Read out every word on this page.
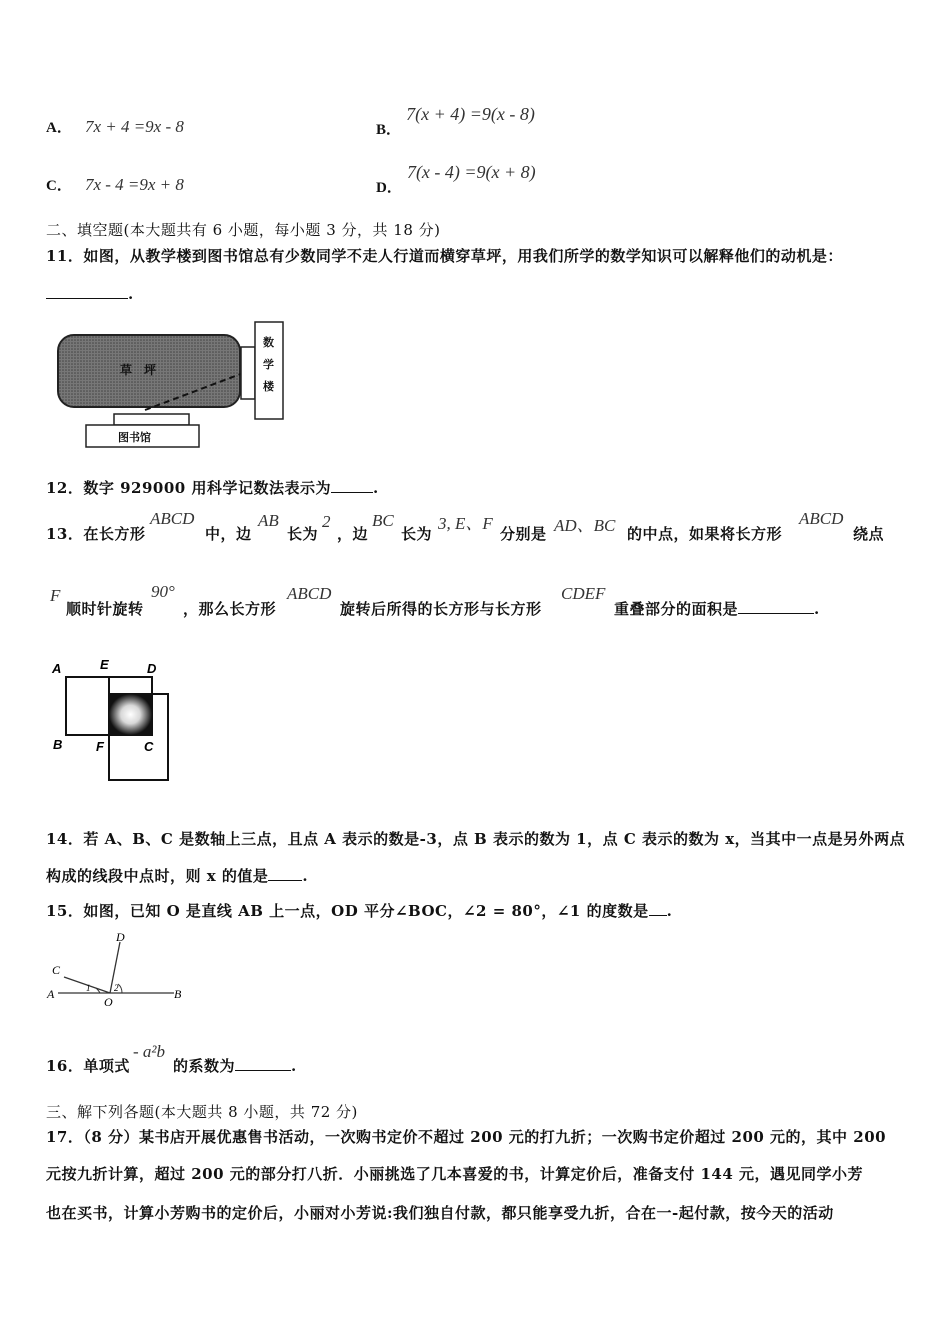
A． 7x + 4 =9x - 8	B． 7(x + 4) =9(x - 8)
C． 7x - 4 =9x + 8	D． 7(x - 4) =9(x + 8)
二、填空题(本大题共有 6 小题，每小题 3 分，共 18 分)
11．如图，从教学楼到图书馆总有少数同学不走人行道而横穿草坪，用我们所学的数学知识可以解释他们的动机是：
.
草　坪
数
学
楼
图书馆
12．数字 929000 用科学记数法表示为	.
13．在长方形
ABCD
中，边
AB
长为
2
，边
BC
长为
3, E、F
分别是 AD、BC 的中点，如果将长方形
ABCD
绕点
F
顺时针旋转
90°
，那么长方形
ABCD
旋转后所得的长方形与长方形
CDEF
重叠部分的面积是	.
A	E	D
B	F	C
14．若 A、B、C 是数轴上三点，且点 A 表示的数是-3，点 B 表示的数为 1，点 C 表示的数为 x，当其中一点是另外两点
构成的线段中点时，则 x 的值是 .
15．如图，已知 O 是直线 AB 上一点，OD 平分∠BOC，∠2 = 80°，∠1 的度数是 .
A	B
C
D
O
1	2
16．单项式
- a²b
的系数为	.
三、解下列各题(本大题共 8 小题，共 72 分)
17．（8 分）某书店开展优惠售书活动，一次购书定价不超过 200 元的打九折；一次购书定价超过 200 元的，其中 200
元按九折计算，超过 200 元的部分打八折．小丽挑选了几本喜爱的书，计算定价后，准备支付 144 元，遇见同学小芳
也在买书，计算小芳购书的定价后，小丽对小芳说:我们独自付款，都只能享受九折，合在一-起付款，按今天的活动
